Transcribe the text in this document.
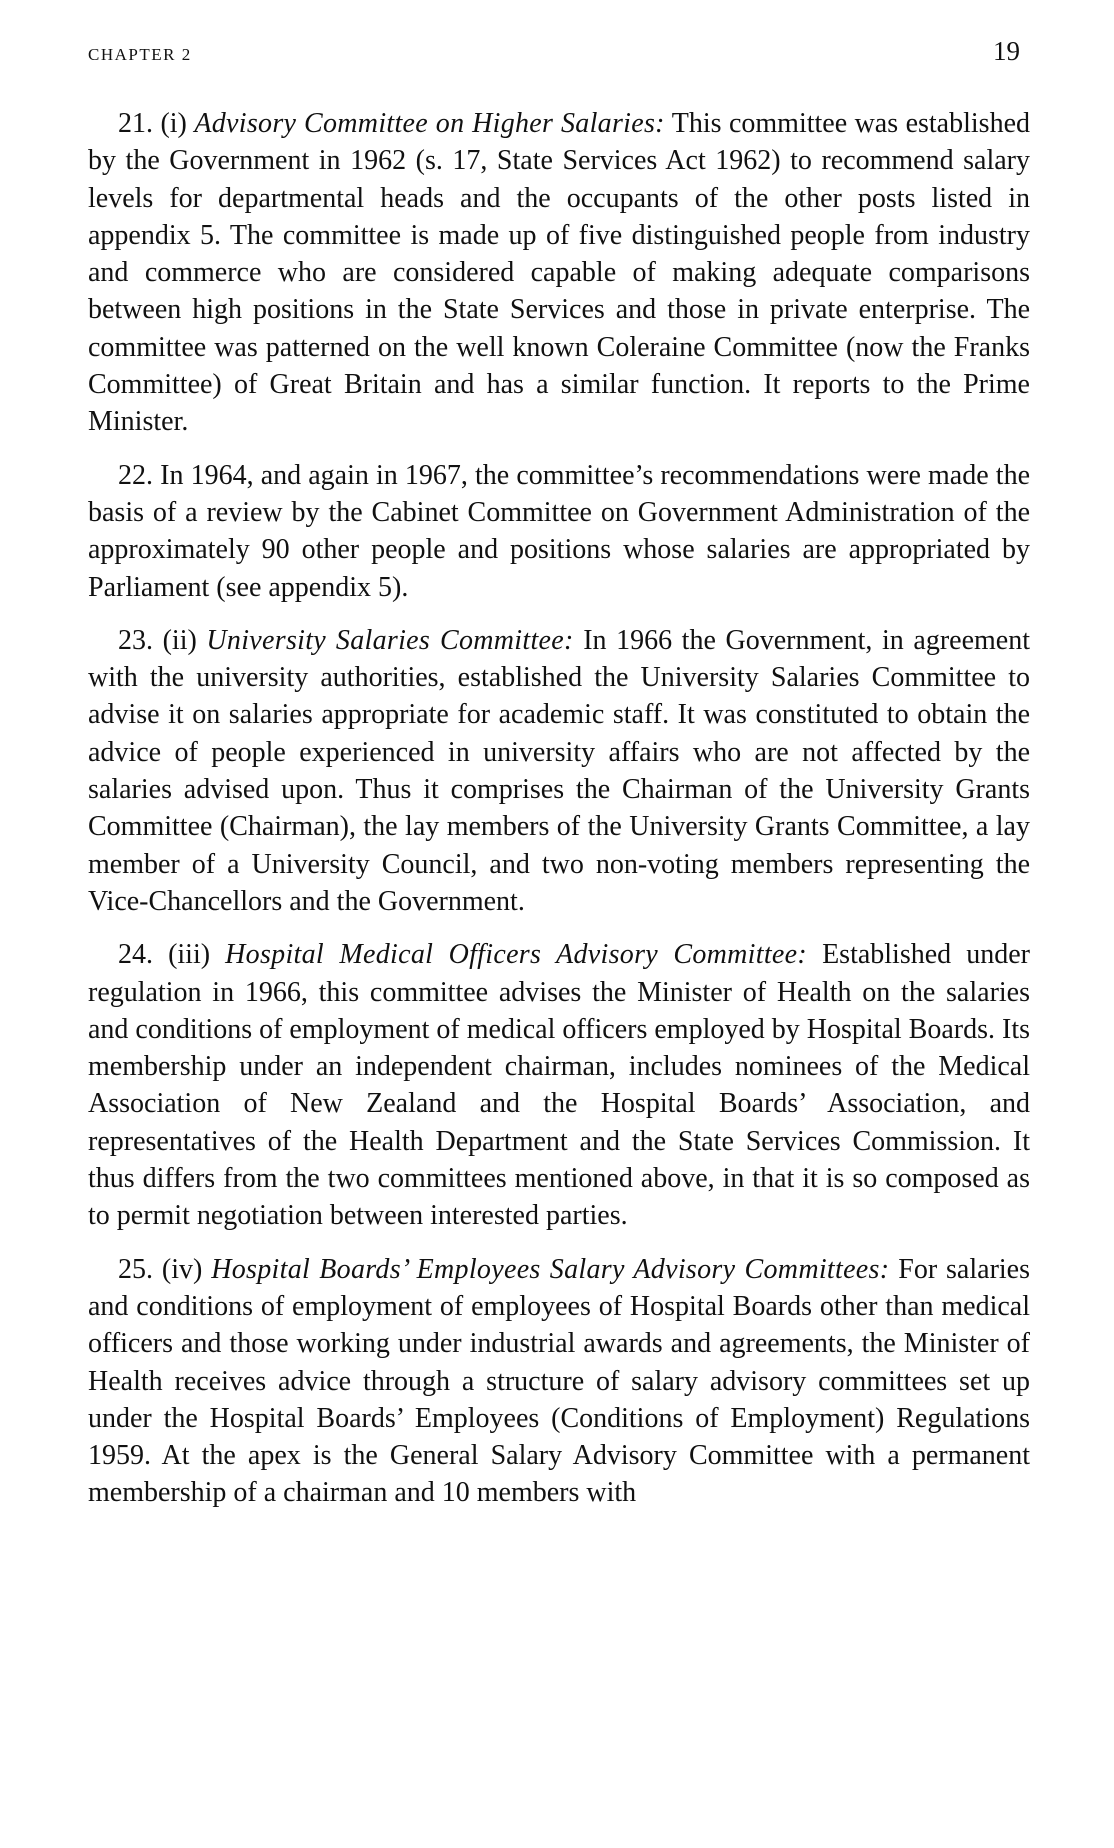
CHAPTER 2	19

21. (i) Advisory Committee on Higher Salaries: This committee was established by the Government in 1962 (s. 17, State Services Act 1962) to recommend salary levels for departmental heads and the occupants of the other posts listed in appendix 5. The committee is made up of five distinguished people from industry and commerce who are considered capable of making adequate comparisons between high positions in the State Services and those in private enterprise. The committee was patterned on the well known Coleraine Committee (now the Franks Committee) of Great Britain and has a similar function. It reports to the Prime Minister.

22. In 1964, and again in 1967, the committee’s recommendations were made the basis of a review by the Cabinet Committee on Government Administration of the approximately 90 other people and positions whose salaries are appropriated by Parliament (see appendix 5).

23. (ii) University Salaries Committee: In 1966 the Government, in agreement with the university authorities, established the University Salaries Committee to advise it on salaries appropriate for academic staff. It was constituted to obtain the advice of people experienced in university affairs who are not affected by the salaries advised upon. Thus it comprises the Chairman of the University Grants Committee (Chairman), the lay members of the University Grants Committee, a lay member of a University Council, and two non-voting members representing the Vice-Chancellors and the Government.

24. (iii) Hospital Medical Officers Advisory Committee: Established under regulation in 1966, this committee advises the Minister of Health on the salaries and conditions of employment of medical officers employed by Hospital Boards. Its membership under an independent chairman, includes nominees of the Medical Association of New Zealand and the Hospital Boards’ Association, and representatives of the Health Department and the State Services Commission. It thus differs from the two committees mentioned above, in that it is so composed as to permit negotiation between interested parties.

25. (iv) Hospital Boards’ Employees Salary Advisory Committees: For salaries and conditions of employment of employees of Hospital Boards other than medical officers and those working under industrial awards and agreements, the Minister of Health receives advice through a structure of salary advisory committees set up under the Hospital Boards’ Employees (Conditions of Employment) Regulations 1959. At the apex is the General Salary Advisory Committee with a permanent membership of a chairman and 10 members with
